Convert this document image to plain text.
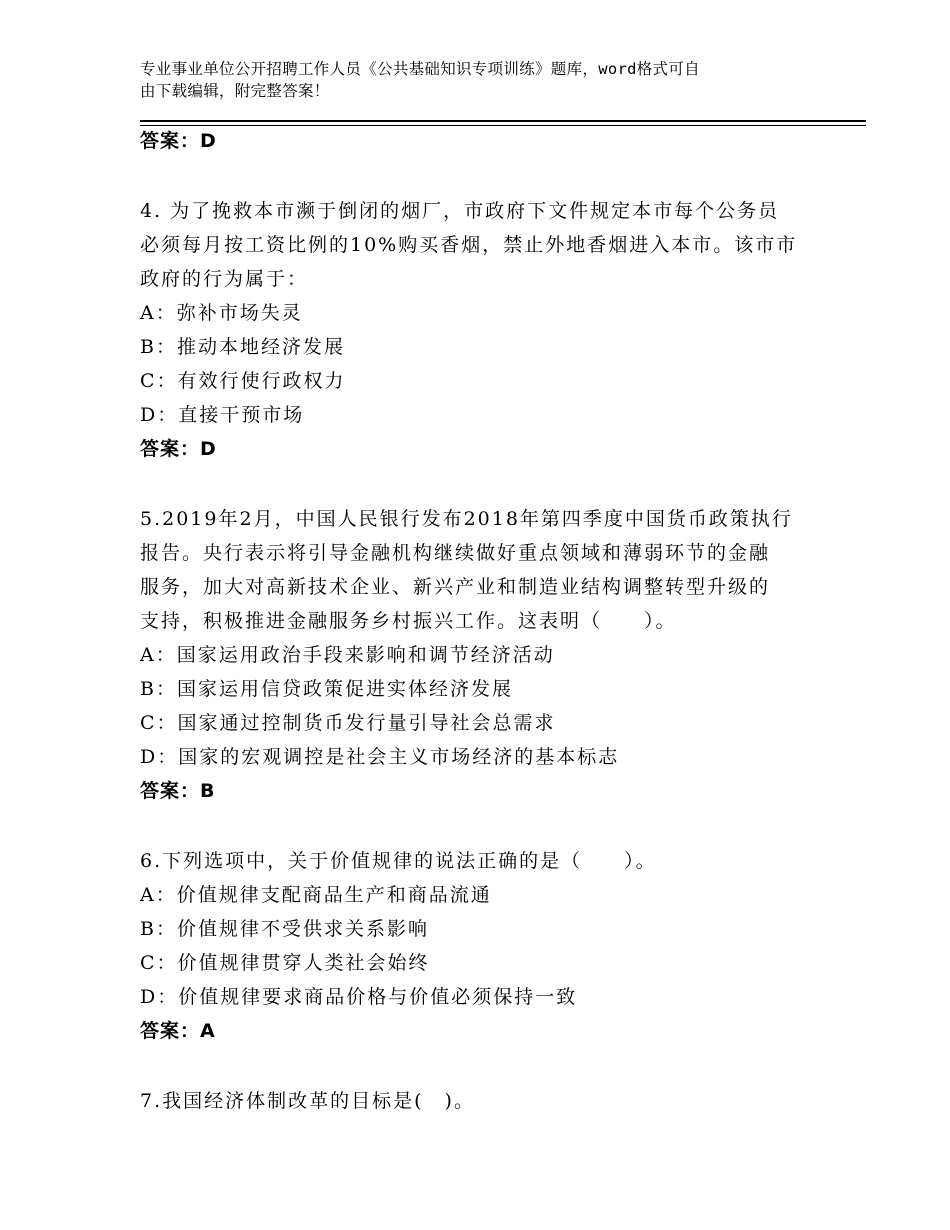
专业事业单位公开招聘工作人员《公共基础知识专项训练》题库，word格式可自
由下载编辑，附完整答案！
答案：D
4. 为了挽救本市濒于倒闭的烟厂，市政府下文件规定本市每个公务员
必须每月按工资比例的10%购买香烟，禁止外地香烟进入本市。该市市
政府的行为属于：
A：弥补市场失灵
B：推动本地经济发展
C：有效行使行政权力
D：直接干预市场
答案：D
5.2019年2月，中国人民银行发布2018年第四季度中国货币政策执行
报告。央行表示将引导金融机构继续做好重点领域和薄弱环节的金融
服务，加大对高新技术企业、新兴产业和制造业结构调整转型升级的
支持，积极推进金融服务乡村振兴工作。这表明（　　）。
A：国家运用政治手段来影响和调节经济活动
B：国家运用信贷政策促进实体经济发展
C：国家通过控制货币发行量引导社会总需求
D：国家的宏观调控是社会主义市场经济的基本标志
答案：B
6.下列选项中，关于价值规律的说法正确的是（　　）。
A：价值规律支配商品生产和商品流通
B：价值规律不受供求关系影响
C：价值规律贯穿人类社会始终
D：价值规律要求商品价格与价值必须保持一致
答案：A
7.我国经济体制改革的目标是(　)。
